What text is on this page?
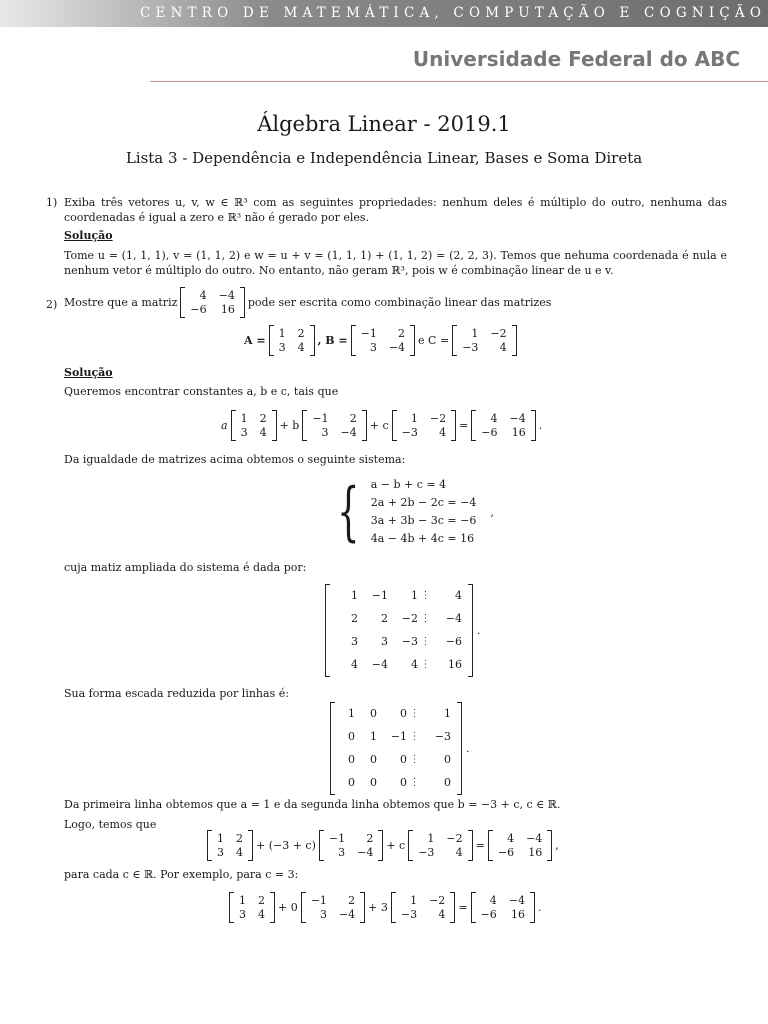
CENTRO DE MATEMÁTICA, COMPUTAÇÃO E COGNIÇÃO
Universidade Federal do ABC
Álgebra Linear - 2019.1
Lista 3 - Dependência e Independência Linear, Bases e Soma Direta
1) Exiba três vetores u, v, w ∈ ℝ³ com as seguintes propriedades: nenhum deles é múltiplo do outro, nenhuma das coordenadas é igual a zero e ℝ³ não é gerado por eles.
Solução
Tome u = (1, 1, 1), v = (1, 1, 2) e w = u + v = (1, 1, 1) + (1, 1, 2) = (2, 2, 3). Temos que nehuma coordenada é nula e nenhum vetor é múltiplo do outro. No entanto, não geram ℝ³, pois w é combinação linear de u e v.
2) Mostre que a matriz
4 −4
−6 16
pode ser escrita como combinação linear das matrizes
A =
1 2
3 4
, B =
−1	2
3 −4
e C =
1 −2
−3	4
Solução
Queremos encontrar constantes a, b e c, tais que
a
1 2
3 4
+ b
−1	2
3 −4
+ c
1 −2
−3	4
=
4 −4
−6 16
.
Da igualdade de matrizes acima obtemos o seguinte sistema:
{ a − b + c = 4
2a + 2b − 2c = −4
3a + 3b − 3c = −6
4a − 4b + 4c = 16
,
cuja matiz ampliada do sistema é dada por:
1	−1	1 ⋮	4
2	2	−2 ⋮	−4
3	3	−3 ⋮	−6
4	−4	4 ⋮	16
.
Sua forma escada reduzida por linhas é:
1	0	0 ⋮	1
0	1	−1 ⋮	−3
0	0	0 ⋮	0
0	0	0 ⋮	0
.
Da primeira linha obtemos que a = 1 e da segunda linha obtemos que b = −3 + c, c ∈ ℝ.
Logo, temos que
1 2
3 4
+ (−3 + c)
−1	2
3 −4
+ c
1 −2
−3	4
=
4 −4
−6 16
,
para cada c ∈ ℝ. Por exemplo, para c = 3:
1 2
3 4
+ 0
−1	2
3 −4
+ 3
1 −2
−3	4
=
4 −4
−6 16
.
